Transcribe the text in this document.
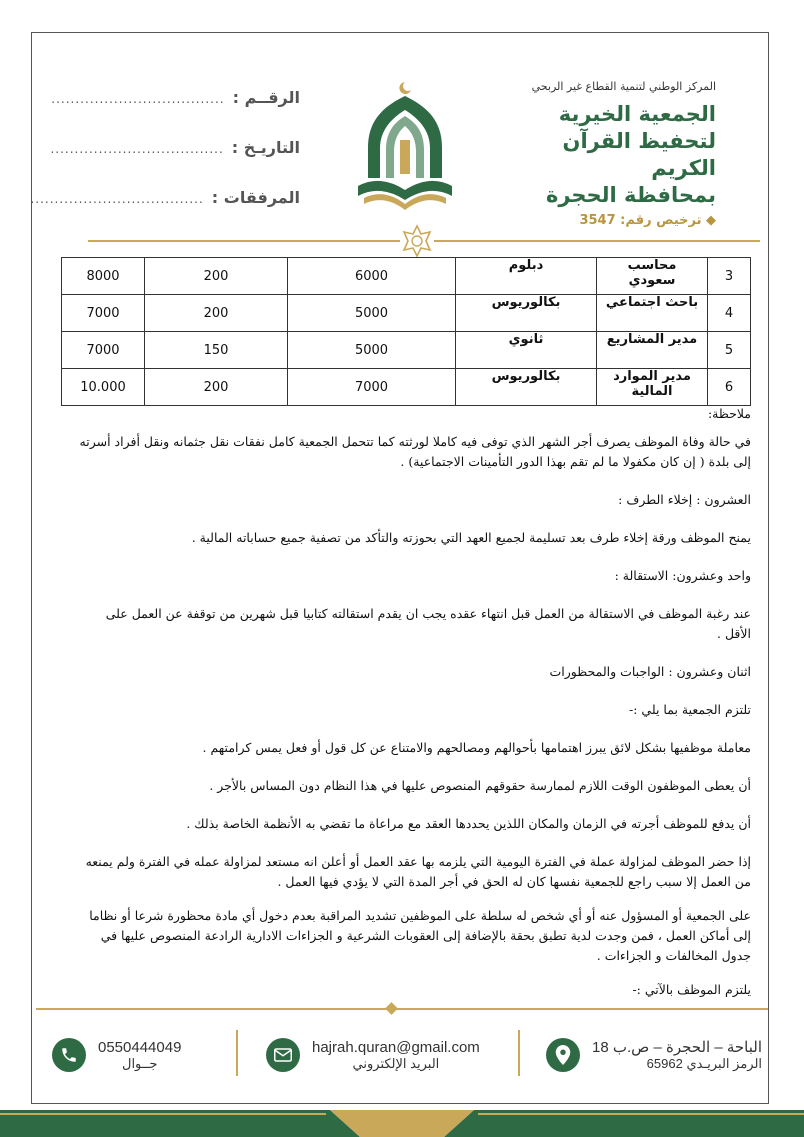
المركز الوطني لتنمية القطاع غير الربحي
الجمعية الخيرية
لتحفيظ القرآن الكريم
بمحافظة الحجرة
◆ ترخيص رقم: 3547
الرقــم :
....................................
التاريـخ :
....................................
المرفقات :
....................................
3	محاسب سعودي	دبلوم	6000	200	8000
4	باحث اجتماعي	بكالوريوس	5000	200	7000
5	مدير المشاريع	ثانوي	5000	150	7000
6	مدير الموارد المالية	بكالوريوس	7000	200	10.000

ملاحظة:

في حالة وفاة الموظف يصرف أجر الشهر الذي توفى فيه كاملا لورثته كما تتحمل الجمعية كامل نفقات نقل جثمانه ونقل أفراد أسرته إلى بلدة ( إن كان مكفولا ما لم تقم بهذا الدور التأمينات الاجتماعية) .

العشرون : إخلاء الطرف :

يمنح الموظف ورقة إخلاء طرف بعد تسليمة لجميع العهد التي بحوزته والتأكد من تصفية جميع حساباته المالية .

واحد وعشرون: الاستقالة :

عند رغبة الموظف في الاستقالة من العمل قبل انتهاء عقده يجب ان يقدم استقالته كتابيا قبل شهرين من توقفة عن العمل على الأقل .

اثنان وعشرون : الواجبات والمحظورات

تلتزم الجمعية بما يلي :-

معاملة موظفيها بشكل لائق يبرز اهتمامها بأحوالهم ومصالحهم والامتناع عن كل قول أو فعل يمس كرامتهم .

أن يعطى الموظفون الوقت اللازم لممارسة حقوقهم المنصوص عليها في هذا النظام دون المساس بالأجر .

أن يدفع للموظف أجرته في الزمان والمكان اللذين يحددها العقد مع مراعاة ما تقضي به الأنظمة الخاصة بذلك .

إذا حضر الموظف لمزاولة عملة في الفترة اليومية التي يلزمه بها عقد العمل أو أعلن انه مستعد لمزاولة عمله في الفترة ولم يمنعه من العمل إلا سبب راجع للجمعية نفسها كان له الحق في أجر المدة التي لا يؤدي فيها العمل .

على الجمعية أو المسؤول عنه أو أي شخص له سلطة على الموظفين تشديد المراقبة بعدم دخول أي مادة محظورة شرعا أو نظاما إلى أماكن العمل ، فمن وجدت لدية تطبق بحقة بالإضافة إلى العقوبات الشرعية و الجزاءات الادارية الرادعة المنصوص عليها في جدول المخالفات و الجزاءات .

يلتزم الموظف بالآتي :-

0550444049
جــوال
hajrah.quran@gmail.com
البريد الإلكتروني
الباحة – الحجرة – ص.ب 18
الرمز البريـدي 65962
